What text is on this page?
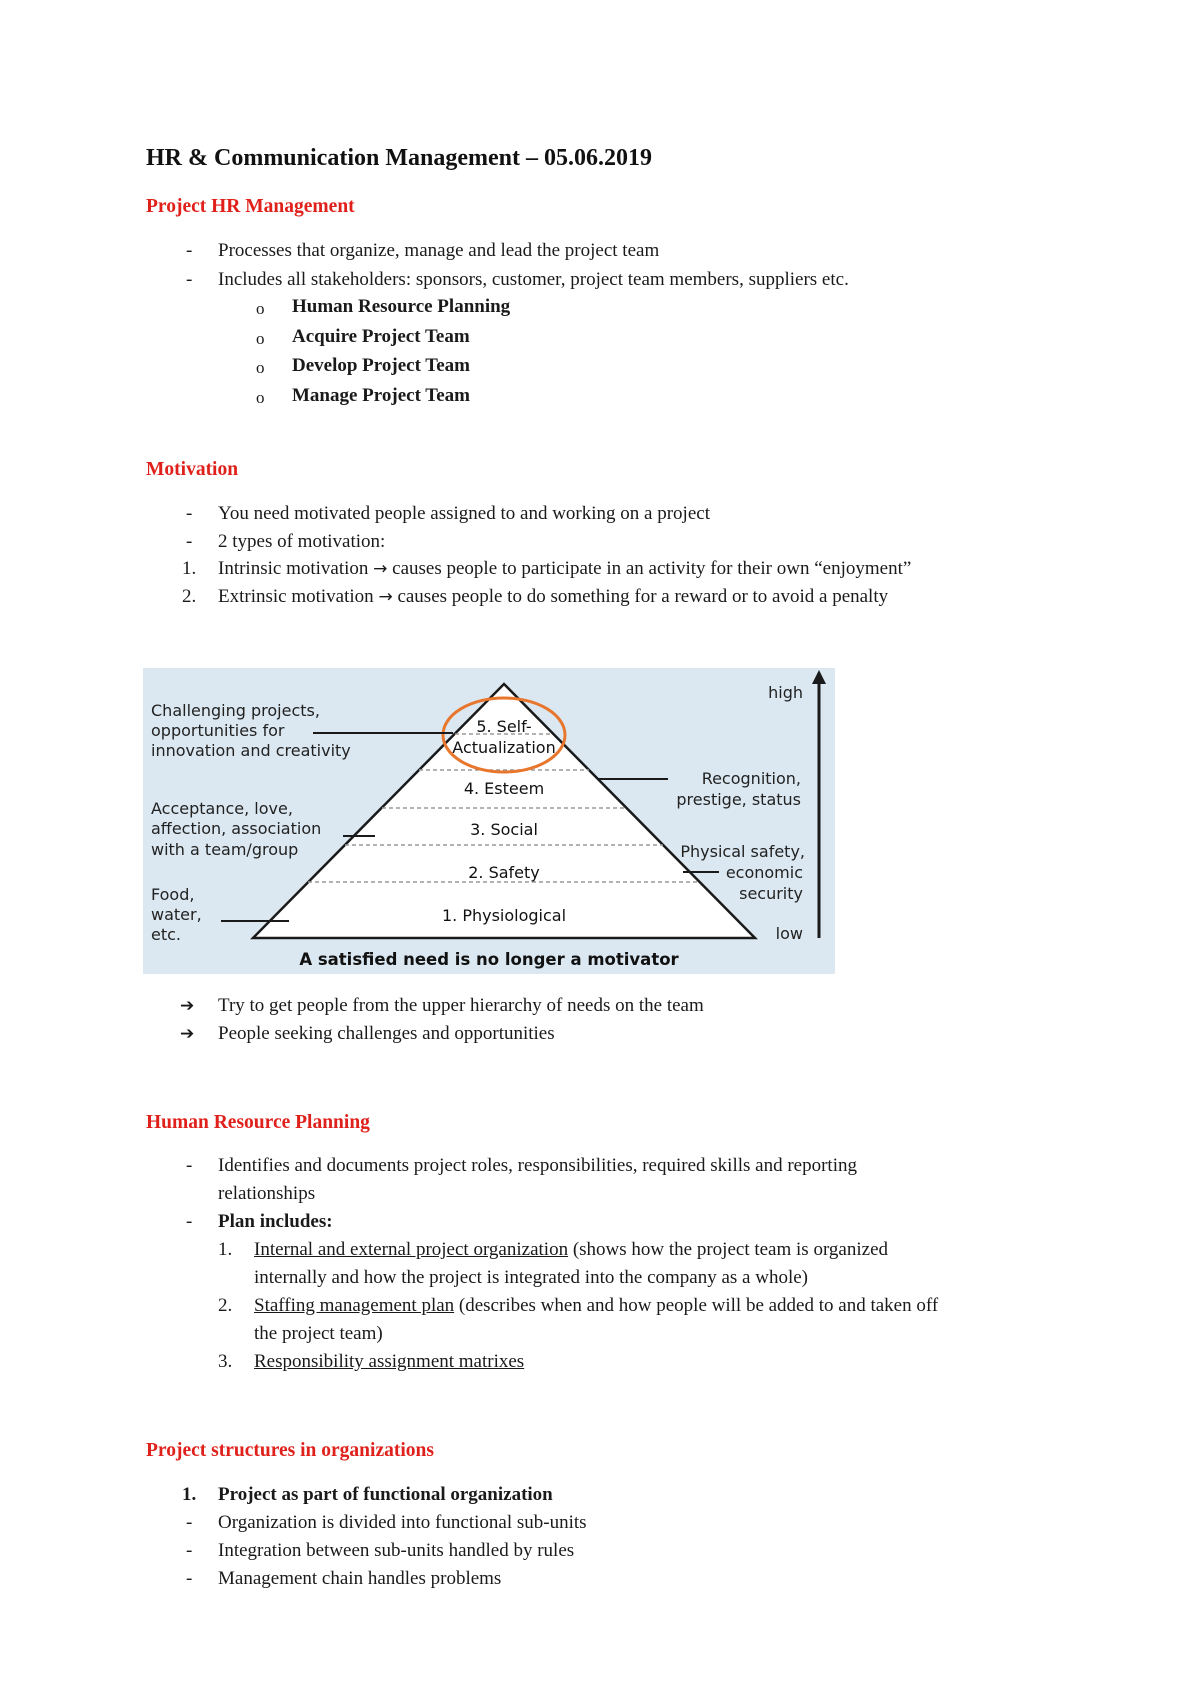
HR & Communication Management – 05.06.2019
Project HR Management
- Processes that organize, manage and lead the project team
- Includes all stakeholders: sponsors, customer, project team members, suppliers etc.
o Human Resource Planning
o Acquire Project Team
o Develop Project Team
o Manage Project Team
Motivation
- You need motivated people assigned to and working on a project
- 2 types of motivation:
1. Intrinsic motivation → causes people to participate in an activity for their own “enjoyment”
2. Extrinsic motivation → causes people to do something for a reward or to avoid a penalty
5. Self-
Actualization
4. Esteem
3. Social
2. Safety
1. Physiological
Challenging projects,
opportunities for
innovation and creativity
Acceptance, love,
affection, association
with a team/group
Food,
water,
etc.
Recognition,
prestige, status
Physical safety,
economic
security
high
low
A satisfied need is no longer a motivator
➔ Try to get people from the upper hierarchy of needs on the team
➔ People seeking challenges and opportunities
Human Resource Planning
- Identifies and documents project roles, responsibilities, required skills and reporting
relationships
- Plan includes:
1. Internal and external project organization (shows how the project team is organized
internally and how the project is integrated into the company as a whole)
2. Staffing management plan (describes when and how people will be added to and taken off
the project team)
3. Responsibility assignment matrixes
Project structures in organizations
1. Project as part of functional organization
- Organization is divided into functional sub-units
- Integration between sub-units handled by rules
- Management chain handles problems
